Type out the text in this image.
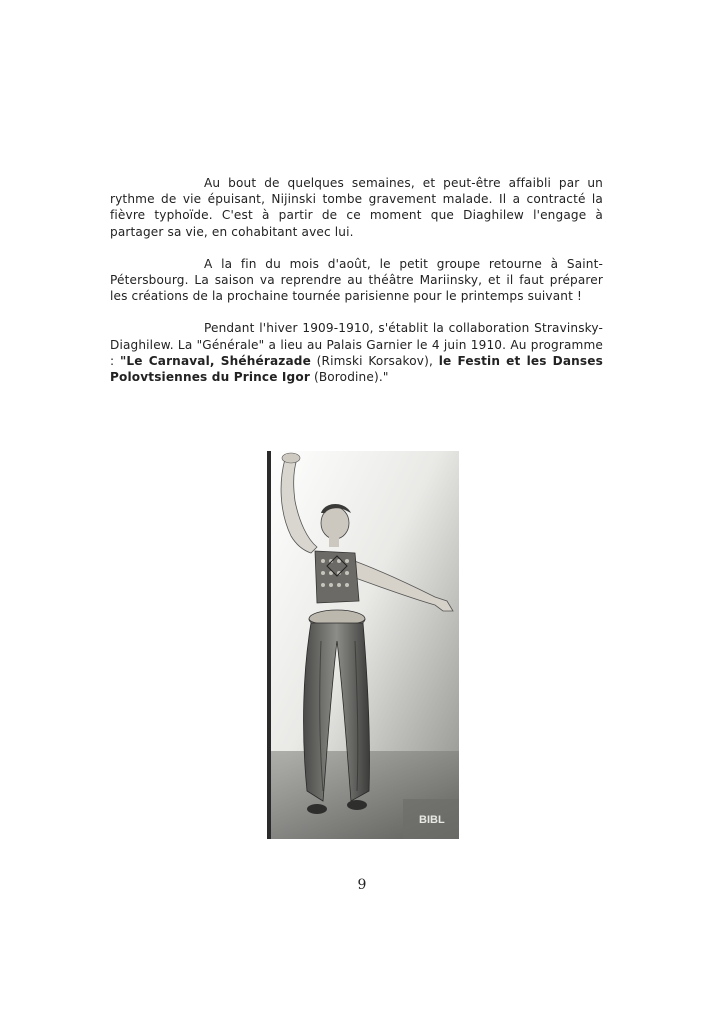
Au bout de quelques semaines, et peut-être affaibli par un rythme de vie épuisant, Nijinski tombe gravement malade. Il a contracté la fièvre typhoïde. C'est à partir de ce moment que Diaghilew l'engage à partager sa vie, en cohabitant avec lui.

A la fin du mois d'août, le petit groupe retourne à Saint-Pétersbourg. La saison va reprendre au théâtre Mariinsky, et il faut préparer les créations de la prochaine tournée parisienne pour le printemps suivant !

Pendant l'hiver 1909-1910, s'établit la collaboration Stravinsky-Diaghilew. La "Générale" a lieu au Palais Garnier le 4 juin 1910. Au programme : "Le Carnaval, Shéhérazade (Rimski Korsakov), le Festin et les Danses Polovtsiennes du Prince Igor (Borodine)."

BIBL
9
